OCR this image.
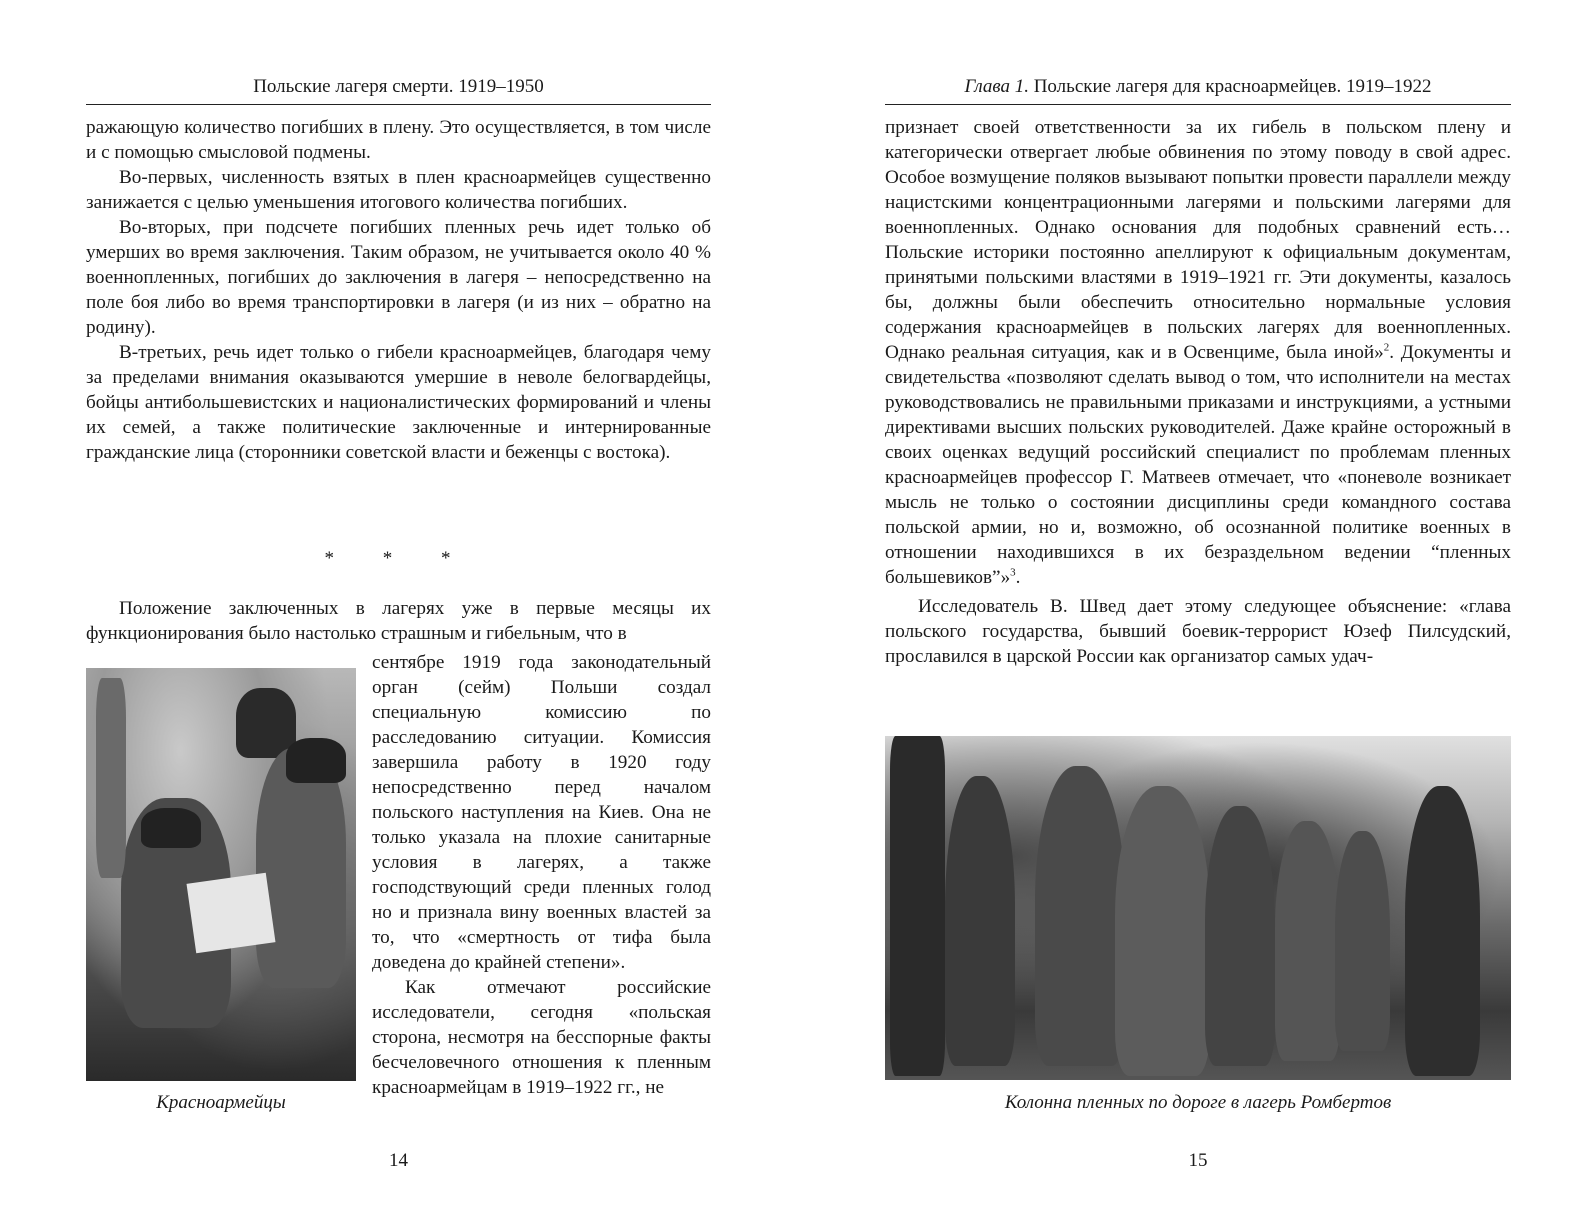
Польские лагеря смерти. 1919–1950

ражающую количество погибших в плену. Это осуществляется, в том числе и с помощью смысловой подмены.

Во-первых, численность взятых в плен красноармейцев существенно занижается с целью уменьшения итогового количества погибших.

Во-вторых, при подсчете погибших пленных речь идет только об умерших во время заключения. Таким образом, не учитывается около 40 % военнопленных, погибших до заключения в лагеря – непосредственно на поле боя либо во время транспортировки в лагеря (и из них – обратно на родину).

В-третьих, речь идет только о гибели красноармейцев, благодаря чему за пределами внимания оказываются умершие в неволе белогвардейцы, бойцы антибольшевистских и националистических формирований и члены их семей, а также политические заключенные и интернированные гражданские лица (сторонники советской власти и беженцы с востока).

* * *

Положение заключенных в лагерях уже в первые месяцы их функционирования было настолько страшным и гибельным, что в

Красноармейцы

сентябре 1919 года законодательный орган (сейм) Польши создал специальную комиссию по расследованию ситуации. Комиссия завершила работу в 1920 году непосредственно перед началом польского наступления на Киев. Она не только указала на плохие санитарные условия в лагерях, а также господствующий среди пленных голод но и признала вину военных властей за то, что «смертность от тифа была доведена до крайней степени».

Как отмечают российские исследователи, сегодня «польская сторона, несмотря на бесспорные факты бесчеловечного отношения к пленным красноармейцам в 1919–1922 гг., не

14
Глава 1. Польские лагеря для красноармейцев. 1919–1922

признает своей ответственности за их гибель в польском плену и категорически отвергает любые обвинения по этому поводу в свой адрес. Особое возмущение поляков вызывают попытки провести параллели между нацистскими концентрационными лагерями и польскими лагерями для военнопленных. Однако основания для подобных сравнений есть… Польские историки постоянно апеллируют к официальным документам, принятыми польскими властями в 1919–1921 гг. Эти документы, казалось бы, должны были обеспечить относительно нормальные условия содержания красноармейцев в польских лагерях для военнопленных. Однако реальная ситуация, как и в Освенциме, была иной»$^2$. Документы и свидетельства «позволяют сделать вывод о том, что исполнители на местах руководствовались не правильными приказами и инструкциями, а устными директивами высших польских руководителей. Даже крайне осторожный в своих оценках ведущий российский специалист по проблемам пленных красноармейцев профессор Г. Матвеев отмечает, что «поневоле возникает мысль не только о состоянии дисциплины среди командного состава польской армии, но и, возможно, об осознанной политике военных в отношении находившихся в их безраздельном ведении “пленных большевиков”»$^3$.

Исследователь В. Швед дает этому следующее объяснение: «глава польского государства, бывший боевик-террорист Юзеф Пилсудский, прославился в царской России как организатор самых удач-

Колонна пленных по дороге в лагерь Ромбертов
15
